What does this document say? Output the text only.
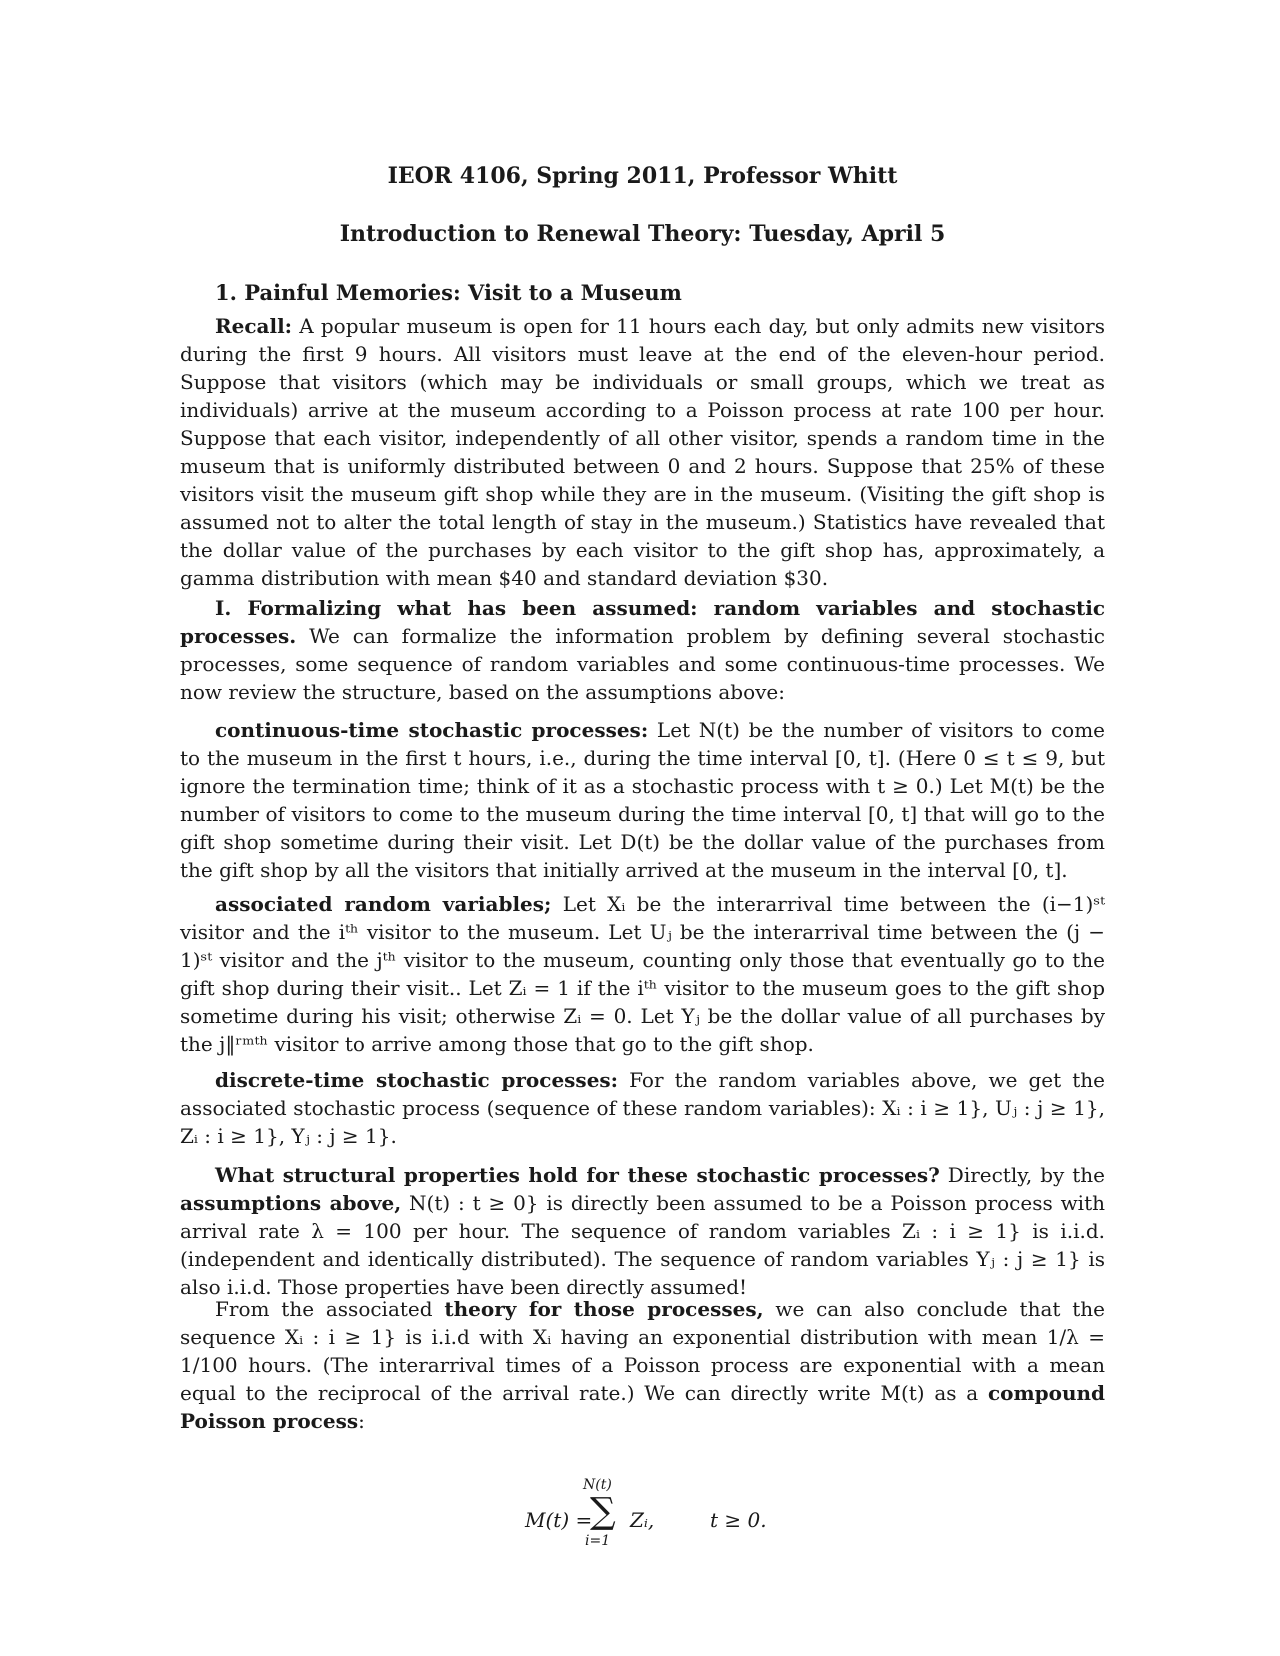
IEOR 4106, Spring 2011, Professor Whitt
Introduction to Renewal Theory: Tuesday, April 5
1. Painful Memories: Visit to a Museum

Recall: A popular museum is open for 11 hours each day, but only admits new visitors during the first 9 hours. All visitors must leave at the end of the eleven-hour period. Suppose that visitors (which may be individuals or small groups, which we treat as individuals) arrive at the museum according to a Poisson process at rate 100 per hour. Suppose that each visitor, independently of all other visitor, spends a random time in the museum that is uniformly distributed between 0 and 2 hours. Suppose that 25% of these visitors visit the museum gift shop while they are in the museum. (Visiting the gift shop is assumed not to alter the total length of stay in the museum.) Statistics have revealed that the dollar value of the purchases by each visitor to the gift shop has, approximately, a gamma distribution with mean $40 and standard deviation $30.

I. Formalizing what has been assumed: random variables and stochastic processes. We can formalize the information problem by defining several stochastic processes, some sequence of random variables and some continuous-time processes. We now review the structure, based on the assumptions above:

continuous-time stochastic processes: Let N(t) be the number of visitors to come to the museum in the first t hours, i.e., during the time interval [0, t]. (Here 0 ≤ t ≤ 9, but ignore the termination time; think of it as a stochastic process with t ≥ 0.) Let M(t) be the number of visitors to come to the museum during the time interval [0, t] that will go to the gift shop sometime during their visit. Let D(t) be the dollar value of the purchases from the gift shop by all the visitors that initially arrived at the museum in the interval [0, t].

associated random variables; Let Xᵢ be the interarrival time between the (i−1)ˢᵗ visitor and the iᵗʰ visitor to the museum. Let Uⱼ be the interarrival time between the (j − 1)ˢᵗ visitor and the jᵗʰ visitor to the museum, counting only those that eventually go to the gift shop during their visit.. Let Zᵢ = 1 if the iᵗʰ visitor to the museum goes to the gift shop sometime during his visit; otherwise Zᵢ = 0. Let Yⱼ be the dollar value of all purchases by the j‖ʳᵐᵗʰ visitor to arrive among those that go to the gift shop.

discrete-time stochastic processes: For the random variables above, we get the associated stochastic process (sequence of these random variables): Xᵢ : i ≥ 1}, Uⱼ : j ≥ 1}, Zᵢ : i ≥ 1}, Yⱼ : j ≥ 1}.

What structural properties hold for these stochastic processes? Directly, by the assumptions above, N(t) : t ≥ 0} is directly been assumed to be a Poisson process with arrival rate λ = 100 per hour. The sequence of random variables Zᵢ : i ≥ 1} is i.i.d. (independent and identically distributed). The sequence of random variables Yⱼ : j ≥ 1} is also i.i.d. Those properties have been directly assumed!

From the associated theory for those processes, we can also conclude that the sequence Xᵢ : i ≥ 1} is i.i.d with Xᵢ having an exponential distribution with mean 1/λ = 1/100 hours. (The interarrival times of a Poisson process are exponential with a mean equal to the reciprocal of the arrival rate.) We can directly write M(t) as a compound Poisson process:

M(t) =
N(t)
∑
i=1
Zᵢ,	t ≥ 0.
